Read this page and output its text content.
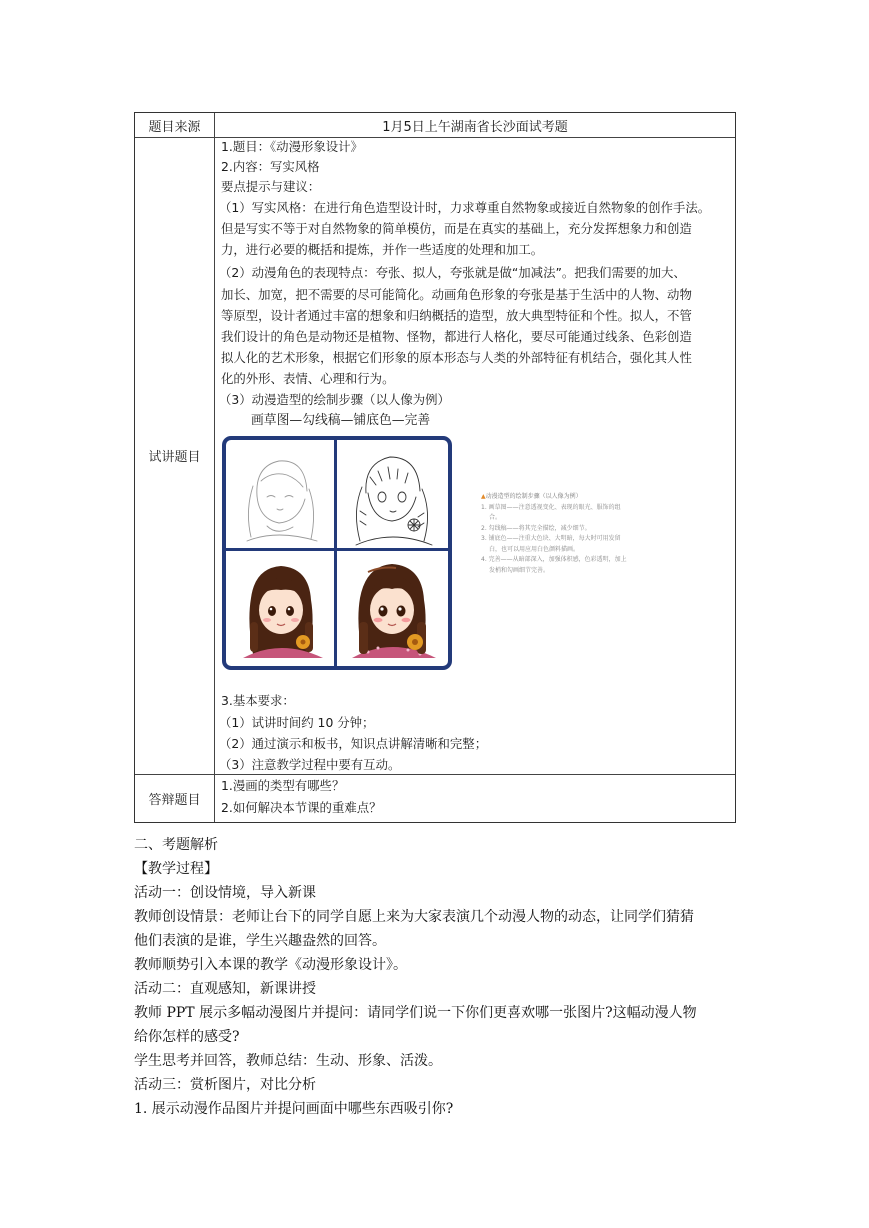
题目来源	1月5日上午湖南省长沙面试考题
试讲题目
1.题目：《动漫形象设计》
2.内容：写实风格
要点提示与建议：
（1）写实风格：在进行角色造型设计时，力求尊重自然物象或接近自然物象的创作手法。
但是写实不等于对自然物象的简单模仿，而是在真实的基础上，充分发挥想象力和创造
力，进行必要的概括和提炼，并作一些适度的处理和加工。
（2）动漫角色的表现特点：夸张、拟人，夸张就是做“加减法”。把我们需要的加大、
加长、加宽，把不需要的尽可能简化。动画角色形象的夸张是基于生活中的人物、动物
等原型，设计者通过丰富的想象和归纳概括的造型，放大典型特征和个性。拟人，不管
我们设计的角色是动物还是植物、怪物，都进行人格化，要尽可能通过线条、色彩创造
拟人化的艺术形象，根据它们形象的原本形态与人类的外部特征有机结合，强化其人性
化的外形、表情、心理和行为。
（3）动漫造型的绘制步骤（以人像为例）
画草图—勾线稿—铺底色—完善
▲动漫造型的绘制步骤（以人像为例）
1. 画草图——注意透视变化、表现的眼光、服饰的组
合。
2. 勾线稿——将其完全描绘，减少细节。
3. 铺底色——注重大色块、大明暗，每大时可用发留
白，也可以用应用白色颜料描画。
4. 完善——从暗部深入，加强体积感，色彩透明，加上
发梢和勾画细节完善。
3.基本要求：
（1）试讲时间约 10 分钟；
（2）通过演示和板书，知识点讲解清晰和完整；
（3）注意教学过程中要有互动。
答辩题目
1.漫画的类型有哪些？
2.如何解决本节课的重难点？
二、考题解析
【教学过程】
活动一：创设情境，导入新课
教师创设情景：老师让台下的同学自愿上来为大家表演几个动漫人物的动态，让同学们猜猜
他们表演的是谁，学生兴趣盎然的回答。
教师顺势引入本课的教学《动漫形象设计》。
活动二：直观感知，新课讲授
教师 PPT 展示多幅动漫图片并提问：请同学们说一下你们更喜欢哪一张图片?这幅动漫人物
给你怎样的感受?
学生思考并回答，教师总结：生动、形象、活泼。
活动三：赏析图片，对比分析
1. 展示动漫作品图片并提问画面中哪些东西吸引你?
